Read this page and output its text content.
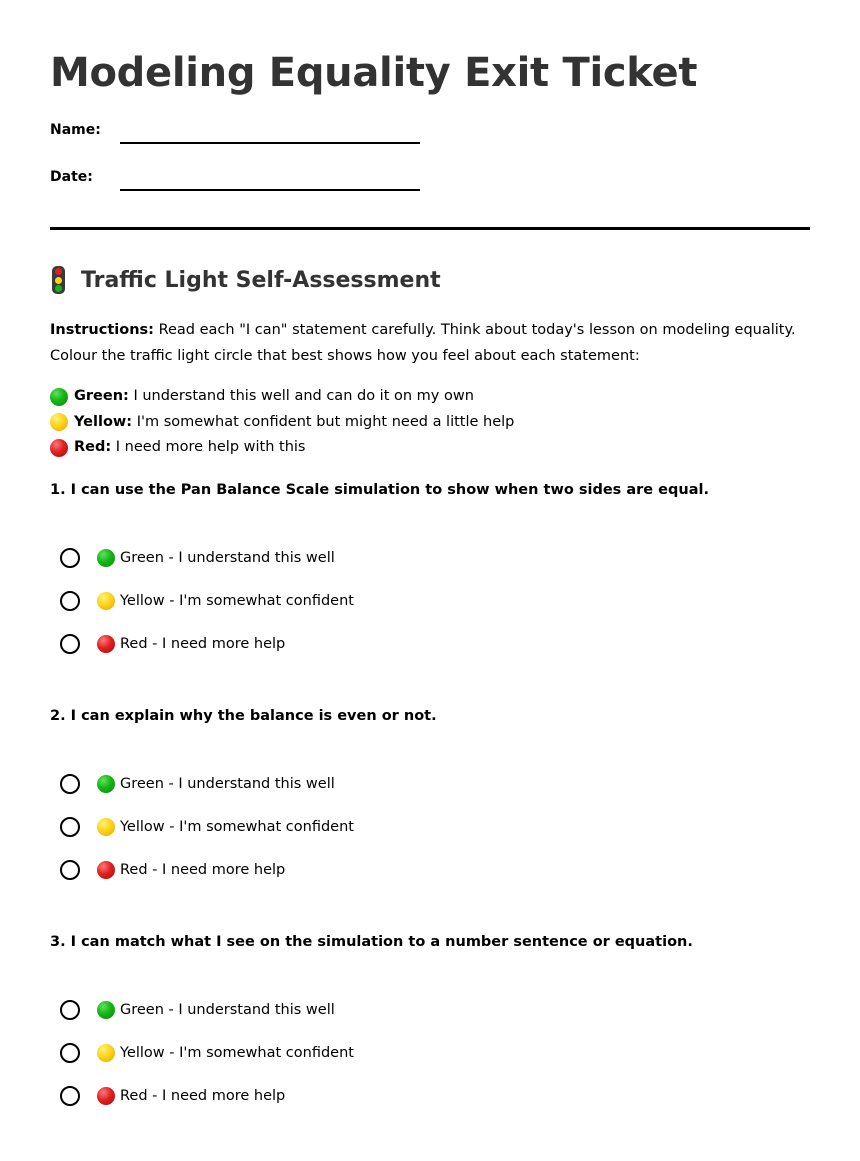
Modeling Equality Exit Ticket
Name:
Date:
Traffic Light Self-Assessment
Instructions: Read each "I can" statement carefully. Think about today's lesson on modeling equality. Colour the traffic light circle that best shows how you feel about each statement:
Green:
I understand this well and can do it on my own
Yellow:
I'm somewhat confident but might need a little help
Red:
I need more help with this
1. I can use the Pan Balance Scale simulation to show when two sides are equal.
Green - I understand this well
Yellow - I'm somewhat confident
Red - I need more help
2. I can explain why the balance is even or not.
Green - I understand this well
Yellow - I'm somewhat confident
Red - I need more help
3. I can match what I see on the simulation to a number sentence or equation.
Green - I understand this well
Yellow - I'm somewhat confident
Red - I need more help
